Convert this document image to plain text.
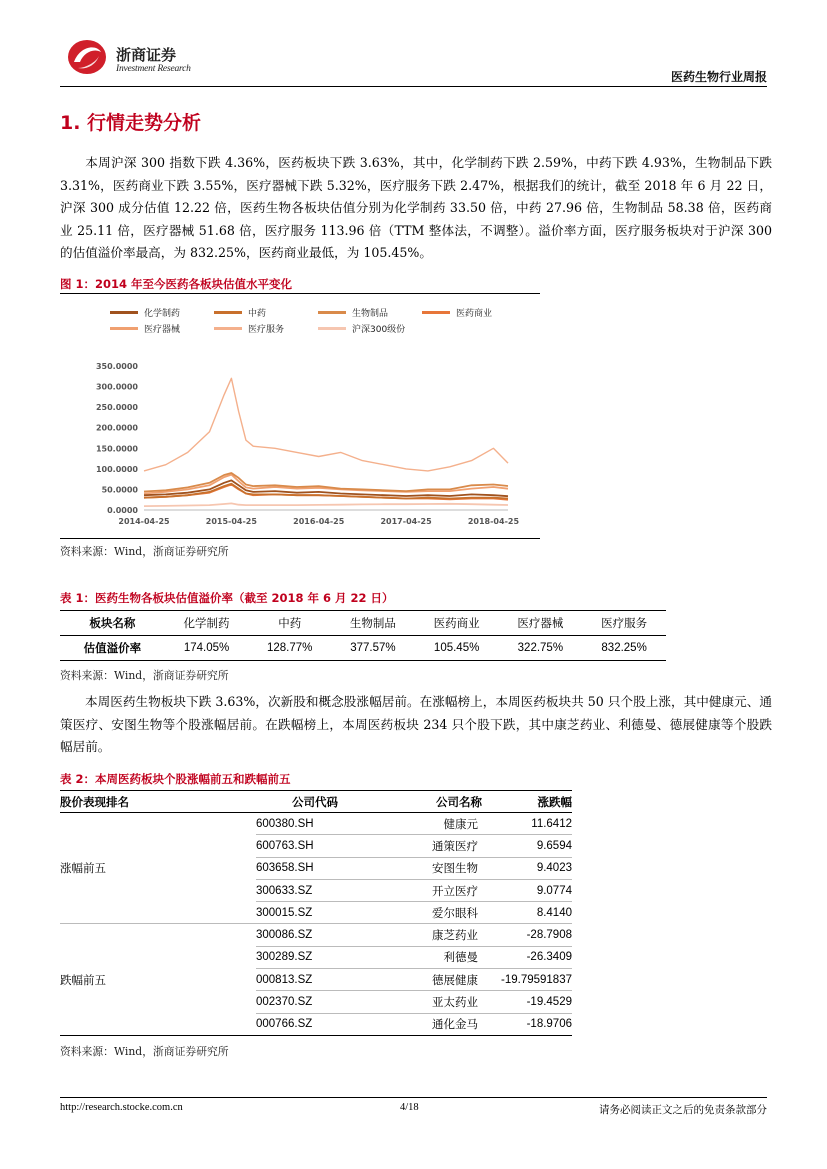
浙商证券
Investment Research
医药生物行业周报
1. 行情走势分析
本周沪深 300 指数下跌 4.36%，医药板块下跌 3.63%，其中，化学制药下跌 2.59%，中药下跌 4.93%，生物制品下跌 3.31%，医药商业下跌 3.55%，医疗器械下跌 5.32%，医疗服务下跌 2.47%，根据我们的统计，截至 2018 年 6 月 22 日，沪深 300 成分估值 12.22 倍，医药生物各板块估值分别为化学制药 33.50 倍，中药 27.96 倍，生物制品 58.38 倍，医药商业 25.11 倍，医疗器械 51.68 倍，医疗服务 113.96 倍（TTM 整体法，不调整）。溢价率方面，医疗服务板块对于沪深 300 的估值溢价率最高，为 832.25%，医药商业最低，为 105.45%。
图 1：2014 年至今医药各板块估值水平变化
化学制药	中药	生物制品	医药商业
医疗器械	医疗服务	沪深300级份
350.0000
300.0000
250.0000
200.0000
150.0000
100.0000
50.0000
0.0000
2014-04-25	2015-04-25	2016-04-25	2017-04-25	2018-04-25
资料来源：Wind，浙商证券研究所
表 1：医药生物各板块估值溢价率（截至 2018 年 6 月 22 日）
板块名称	化学制药	中药	生物制品	医药商业	医疗器械	医疗服务
估值溢价率	174.05%	128.77%	377.57%	105.45%	322.75%	832.25%
资料来源：Wind，浙商证券研究所
本周医药生物板块下跌 3.63%，次新股和概念股涨幅居前。在涨幅榜上，本周医药板块共 50 只个股上涨，其中健康元、通策医疗、安图生物等个股涨幅居前。在跌幅榜上，本周医药板块 234 只个股下跌，其中康芝药业、利德曼、德展健康等个股跌幅居前。
表 2：本周医药板块个股涨幅前五和跌幅前五
股价表现排名	公司代码	公司名称	涨跌幅
涨幅前五	600380.SH	健康元	11.6412
	600763.SH	通策医疗	9.6594
	603658.SH	安图生物	9.4023
	300633.SZ	开立医疗	9.0774
	300015.SZ	爱尔眼科	8.4140
跌幅前五	300086.SZ	康芝药业	-28.7908
	300289.SZ	利德曼	-26.3409
	000813.SZ	德展健康	-19.79591837
	002370.SZ	亚太药业	-19.4529
	000766.SZ	通化金马	-18.9706
资料来源：Wind，浙商证券研究所
http://research.stocke.com.cn	4/18	请务必阅读正文之后的免责条款部分
